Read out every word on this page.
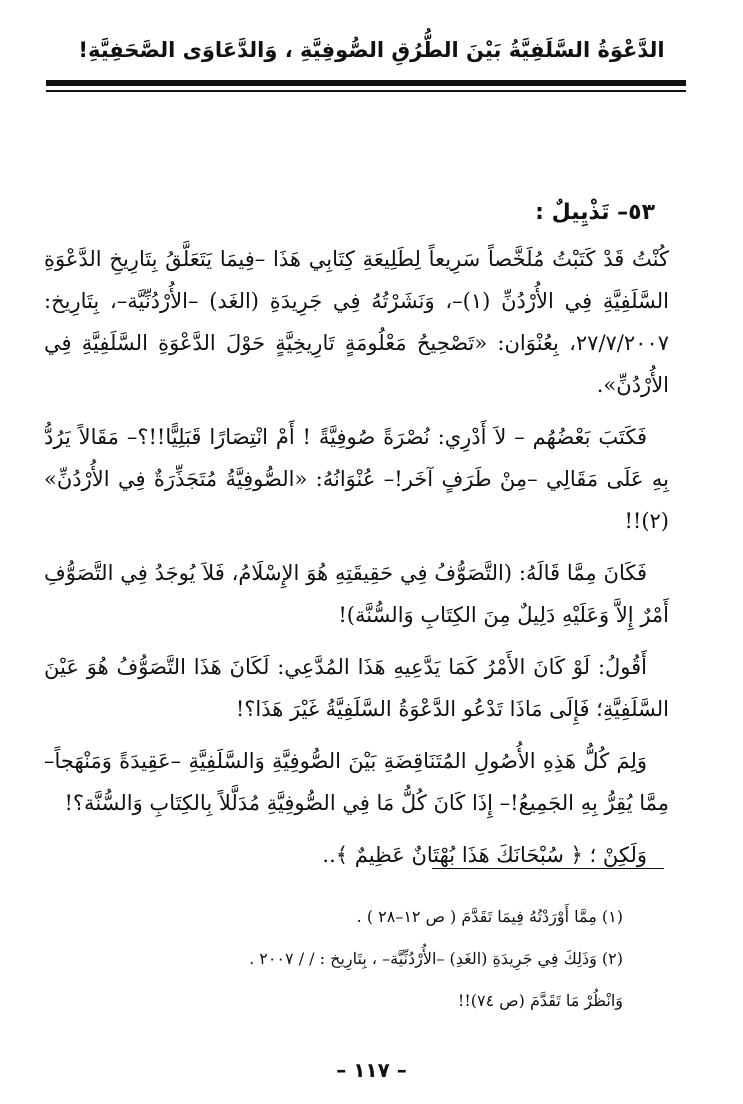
الدَّعْوَةُ السَّلَفِيَّةُ بَيْنَ الطُّرُقِ الصُّوفِيَّةِ ، وَالدَّعَاوَى الصَّحَفِيَّةِ!
٥٣– تَذْيِيلٌ :

كُنْتُ قَدْ كَتَبْتُ مُلَخَّصاً سَرِيعاً لِطَلِيعَةِ كِتَابِي هَذَا –فِيمَا يَتَعَلَّقُ بِتَارِيخِ الدَّعْوَةِ السَّلَفِيَّةِ فِي الأُرْدُنِّ (١)–، وَنَشَرْتُهُ فِي جَرِيدَةِ (الغَد) –الأُرْدُنِّيَّة–، بِتَارِيخ: ٢٧/٧/٢٠٠٧، بِعُنْوَان: «تَصْحِيحُ مَعْلُومَةٍ تَارِيخِيَّةٍ حَوْلَ الدَّعْوَةِ السَّلَفِيَّةِ فِي الأُرْدُنِّ».

فَكَتَبَ بَعْضُهُم – لاَ أَدْرِي: نُصْرَةً صُوفِيَّةً ! أَمْ انْتِصَارًا قَبَلِيًّا!!؟– مَقَالاً يَرُدُّ بِهِ عَلَى مَقَالِي –مِنْ طَرَفٍ آخَر!– عُنْوَانُهُ: «الصُّوفِيَّةُ مُتَجَذِّرَةٌ فِي الأُرْدُنِّ» (٢)!!

فَكَانَ مِمَّا قَالَهُ: (التَّصَوُّفُ فِي حَقِيقَتِهِ هُوَ الإِسْلَامُ، فَلاَ يُوجَدُ فِي التَّصَوُّفِ أَمْرٌ إِلاَّ وَعَلَيْهِ دَلِيلٌ مِنَ الكِتَابِ وَالسُّنَّة)!

أَقُولُ: لَوْ كَانَ الأَمْرُ كَمَا يَدَّعِيهِ هَذَا المُدَّعِي: لَكَانَ هَذَا التَّصَوُّفُ هُوَ عَيْنَ السَّلَفِيَّةِ؛ فَإِلَى مَاذَا تَدْعُو الدَّعْوَةُ السَّلَفِيَّةُ غَيْرَ هَذَا؟!

وَلِمَ كُلُّ هَذِهِ الأُصُولِ المُتَنَاقِضَةِ بَيْنَ الصُّوفِيَّةِ وَالسَّلَفِيَّةِ –عَقِيدَةً وَمَنْهَجاً– مِمَّا يُقِرُّ بِهِ الجَمِيعُ!– إِذَا كَانَ كُلُّ مَا فِي الصُّوفِيَّةِ مُدَلَّلاً بِالكِتَابِ وَالسُّنَّة؟!

وَلَكِنْ ؛ ﴿ سُبْحَانَكَ هَذَا بُهْتَانٌ عَظِيمٌ ﴾..

(١) مِمَّا أَوْرَدْتُهُ فِيمَا تَقَدَّمَ ( ص ١٢–٢٨ ) .

(٢) وَذَلِكَ فِي جَرِيدَةِ (الغَدِ) –الأُرْدُنِّيَّة– ، بِتَارِيخ : / / ٢٠٠٧ .

وَانْظُرْ مَا تَقَدَّمَ (ص ٧٤)!!

– ١١٧ –
